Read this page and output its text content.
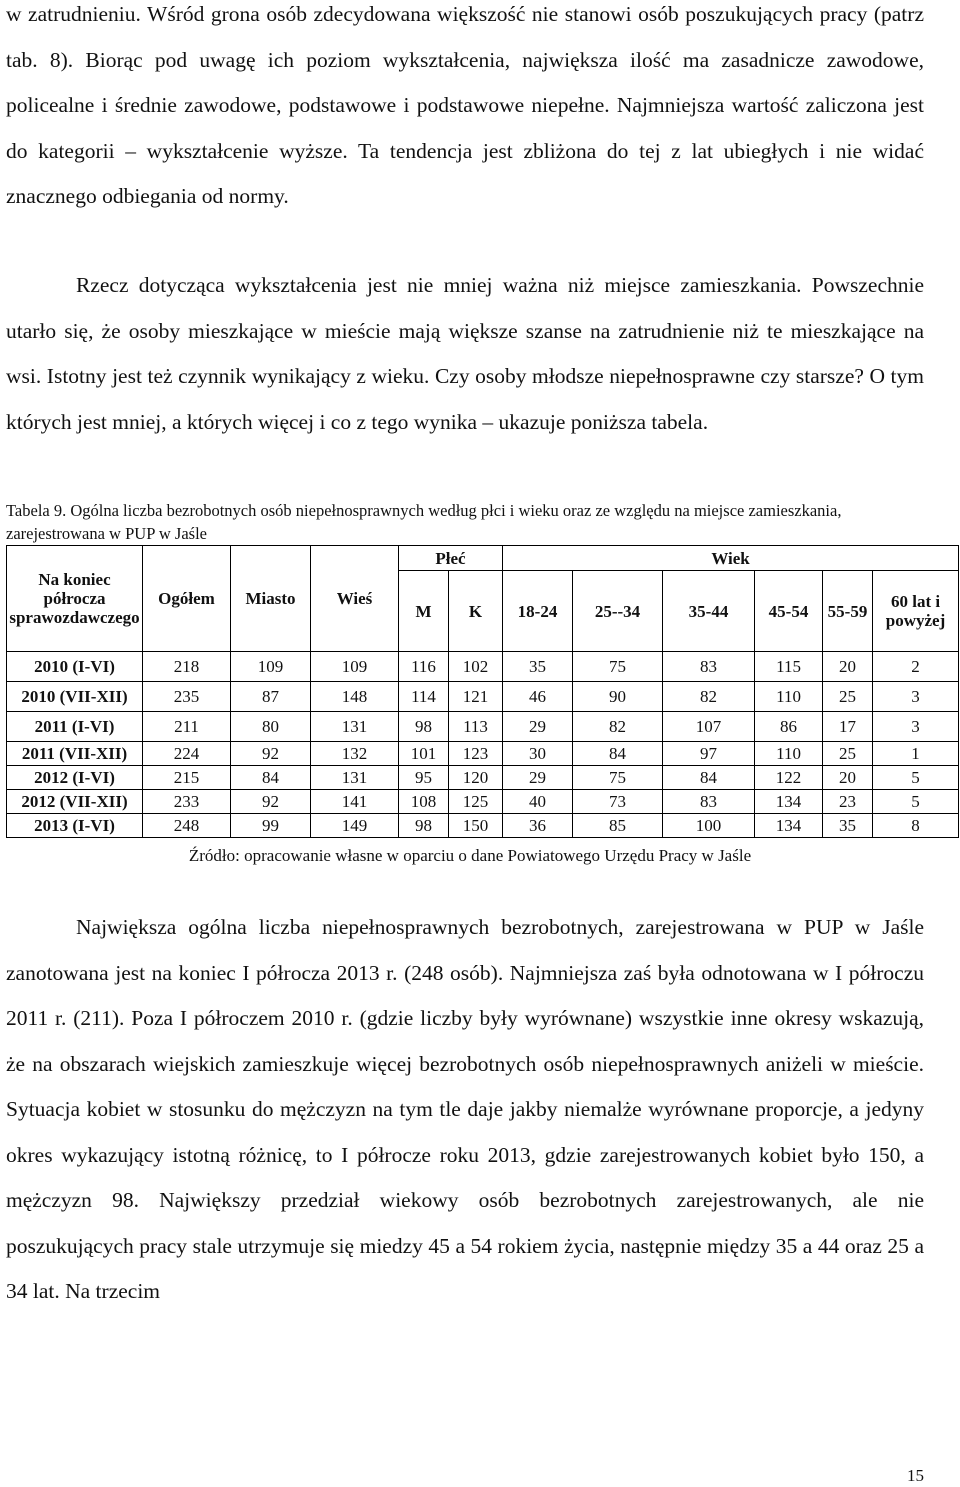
w zatrudnieniu. Wśród grona osób zdecydowana większość nie stanowi osób poszukujących pracy (patrz tab. 8). Biorąc pod uwagę ich poziom wykształcenia, największa ilość ma zasadnicze zawodowe, policealne i średnie zawodowe, podstawowe i podstawowe niepełne. Najmniejsza wartość zaliczona jest do kategorii – wykształcenie wyższe. Ta tendencja jest zbliżona do tej z lat ubiegłych i nie widać znacznego odbiegania od normy.

Rzecz dotycząca wykształcenia jest nie mniej ważna niż miejsce zamieszkania. Powszechnie utarło się, że osoby mieszkające w mieście mają większe szanse na zatrudnienie niż te mieszkające na wsi. Istotny jest też czynnik wynikający z wieku. Czy osoby młodsze niepełnosprawne czy starsze? O tym których jest mniej, a których więcej i co z tego wynika – ukazuje poniższa tabela.

Tabela 9. Ogólna liczba bezrobotnych osób niepełnosprawnych według płci i wieku oraz ze względu na miejsce zamieszkania, zarejestrowana w PUP w Jaśle

Na koniec półrocza sprawozdawczego	Ogółem	Miasto	Wieś	Płeć		Wiek					
				M	K	18-24	25--34	35-44	45-54	55-59	60 lat i powyżej
2010 (I-VI)	218	109	109	116	102	35	75	83	115	20	2
2010 (VII-XII)	235	87	148	114	121	46	90	82	110	25	3
2011 (I-VI)	211	80	131	98	113	29	82	107	86	17	3
2011 (VII-XII)	224	92	132	101	123	30	84	97	110	25	1
2012 (I-VI)	215	84	131	95	120	29	75	84	122	20	5
2012 (VII-XII)	233	92	141	108	125	40	73	83	134	23	5
2013 (I-VI)	248	99	149	98	150	36	85	100	134	35	8

Źródło: opracowanie własne w oparciu o dane Powiatowego Urzędu Pracy w Jaśle

Największa ogólna liczba niepełnosprawnych bezrobotnych, zarejestrowana w PUP w Jaśle zanotowana jest na koniec I półrocza 2013 r. (248 osób). Najmniejsza zaś była odnotowana w I półroczu 2011 r. (211). Poza I półroczem 2010 r. (gdzie liczby były wyrównane) wszystkie inne okresy wskazują, że na obszarach wiejskich zamieszkuje więcej bezrobotnych osób niepełnosprawnych aniżeli w mieście. Sytuacja kobiet w stosunku do mężczyzn na tym tle daje jakby niemalże wyrównane proporcje, a jedyny okres wykazujący istotną różnicę, to I półrocze roku 2013, gdzie zarejestrowanych kobiet było 150, a mężczyzn 98. Największy przedział wiekowy osób bezrobotnych zarejestrowanych, ale nie poszukujących pracy stale utrzymuje się miedzy 45 a 54 rokiem życia, następnie między 35 a 44 oraz 25 a 34 lat. Na trzecim

15
